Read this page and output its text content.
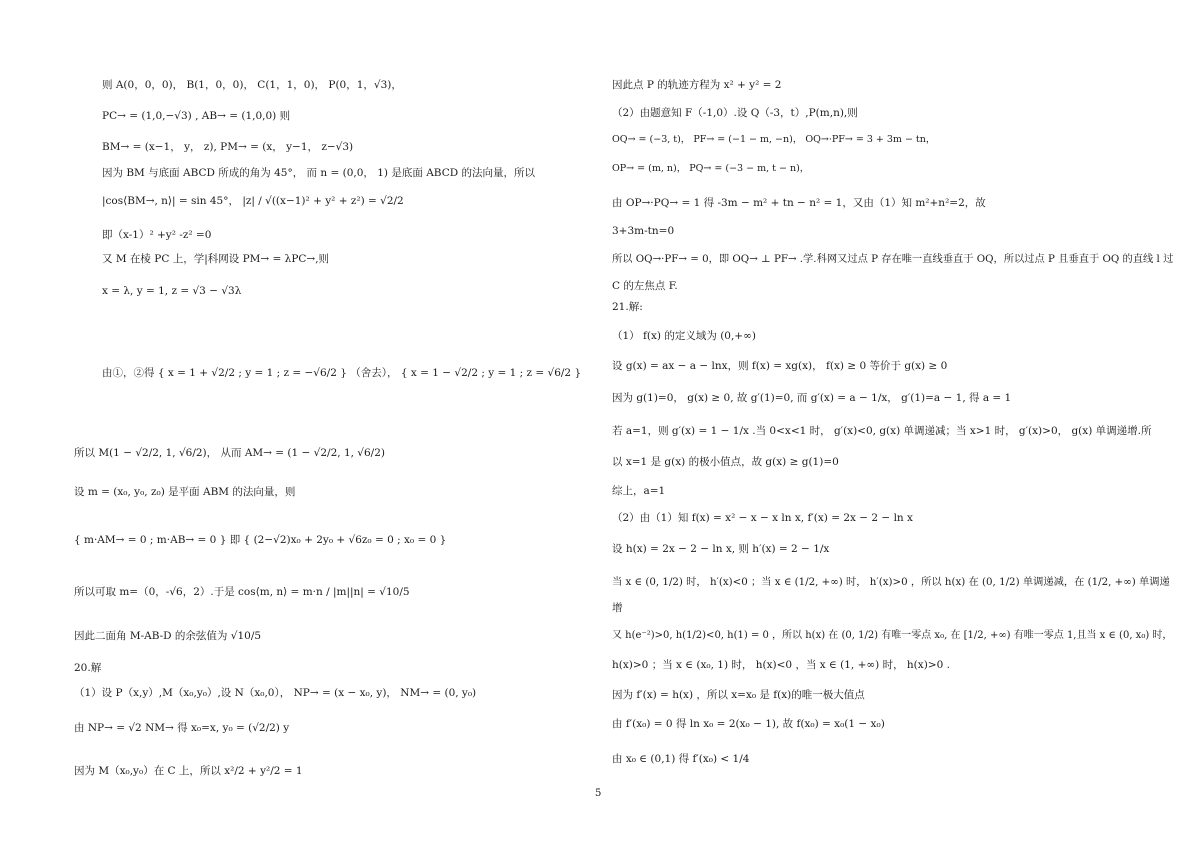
则 A(0，0，0)， B(1，0，0)， C(1，1，0)， P(0，1，√3)，
PC→ = (1,0,−√3) , AB→ = (1,0,0) 则
BM→ = (x−1， y， z), PM→ = (x， y−1， z−√3)
因为 BM 与底面 ABCD 所成的角为 45°， 而 n = (0,0， 1) 是底面 ABCD 的法向量，所以
|cos⟨BM→, n⟩| = sin 45°， |z| / √((x−1)² + y² + z²) = √2/2
即（x-1）² +y² -z² =0
又 M 在棱 PC 上，学|科网设 PM→ = λPC→,则
x = λ, y = 1, z = √3 − √3λ
由①，②得 { x = 1 + √2/2 ; y = 1 ; z = −√6/2 } （舍去）， { x = 1 − √2/2 ; y = 1 ; z = √6/2 }
所以 M(1 − √2/2, 1, √6/2)， 从而 AM→ = (1 − √2/2, 1, √6/2)
设 m = (x₀, y₀, z₀) 是平面 ABM 的法向量，则
{ m·AM→ = 0 ; m·AB→ = 0 } 即 { (2−√2)x₀ + 2y₀ + √6z₀ = 0 ; x₀ = 0 }
所以可取 m=（0，-√6，2）.于是 cos⟨m, n⟩ = m·n / |m||n| = √10/5
因此二面角 M-AB-D 的余弦值为 √10/5
20.解
（1）设 P（x,y）,M（x₀,y₀）,设 N（x₀,0）， NP→ = (x − x₀, y)， NM→ = (0, y₀)
由 NP→ = √2 NM→ 得 x₀=x, y₀ = (√2/2) y
因为 M（x₀,y₀）在 C 上，所以 x²/2 + y²/2 = 1
因此点 P 的轨迹方程为 x² + y² = 2
（2）由题意知 F（-1,0）.设 Q（-3，t）,P(m,n),则
OQ→ = (−3, t)， PF→ = (−1 − m, −n)， OQ→·PF→ = 3 + 3m − tn，
OP→ = (m, n)， PQ→ = (−3 − m, t − n)，
由 OP→·PQ→ = 1 得 -3m − m² + tn − n² = 1，又由（1）知 m²+n²=2，故
3+3m-tn=0
所以 OQ→·PF→ = 0，即 OQ→ ⊥ PF→ .学.科网又过点 P 存在唯一直线垂直于 OQ，所以过点 P 且垂直于 OQ 的直线 l 过
C 的左焦点 F.
21.解:
（1） f(x) 的定义域为 (0,+∞)
设 g(x) = ax − a − lnx，则 f(x) = xg(x)， f(x) ≥ 0 等价于 g(x) ≥ 0
因为 g(1)=0， g(x) ≥ 0, 故 g′(1)=0, 而 g′(x) = a − 1/x， g′(1)=a − 1, 得 a = 1
若 a=1，则 g′(x) = 1 − 1/x .当 0<x<1 时， g′(x)<0, g(x) 单调递减；当 x>1 时， g′(x)>0， g(x) 单调递增.所
以 x=1 是 g(x) 的极小值点，故 g(x) ≥ g(1)=0
综上，a=1
（2）由（1）知 f(x) = x² − x − x ln x, f′(x) = 2x − 2 − ln x
设 h(x) = 2x − 2 − ln x, 则 h′(x) = 2 − 1/x
当 x ∈ (0, 1/2) 时， h′(x)<0 ；当 x ∈ (1/2, +∞) 时， h′(x)>0 ，所以 h(x) 在 (0, 1/2) 单调递减，在 (1/2, +∞) 单调递
增
又 h(e⁻²)>0, h(1/2)<0, h(1) = 0 ，所以 h(x) 在 (0, 1/2) 有唯一零点 x₀, 在 [1/2, +∞) 有唯一零点 1,且当 x ∈ (0, x₀) 时，
h(x)>0 ；当 x ∈ (x₀, 1) 时， h(x)<0 ，当 x ∈ (1, +∞) 时， h(x)>0 .
因为 f′(x) = h(x) ，所以 x=x₀ 是 f(x)的唯一极大值点
由 f′(x₀) = 0 得 ln x₀ = 2(x₀ − 1), 故 f(x₀) = x₀(1 − x₀)
由 x₀ ∈ (0,1) 得 f′(x₀) < 1/4
5
